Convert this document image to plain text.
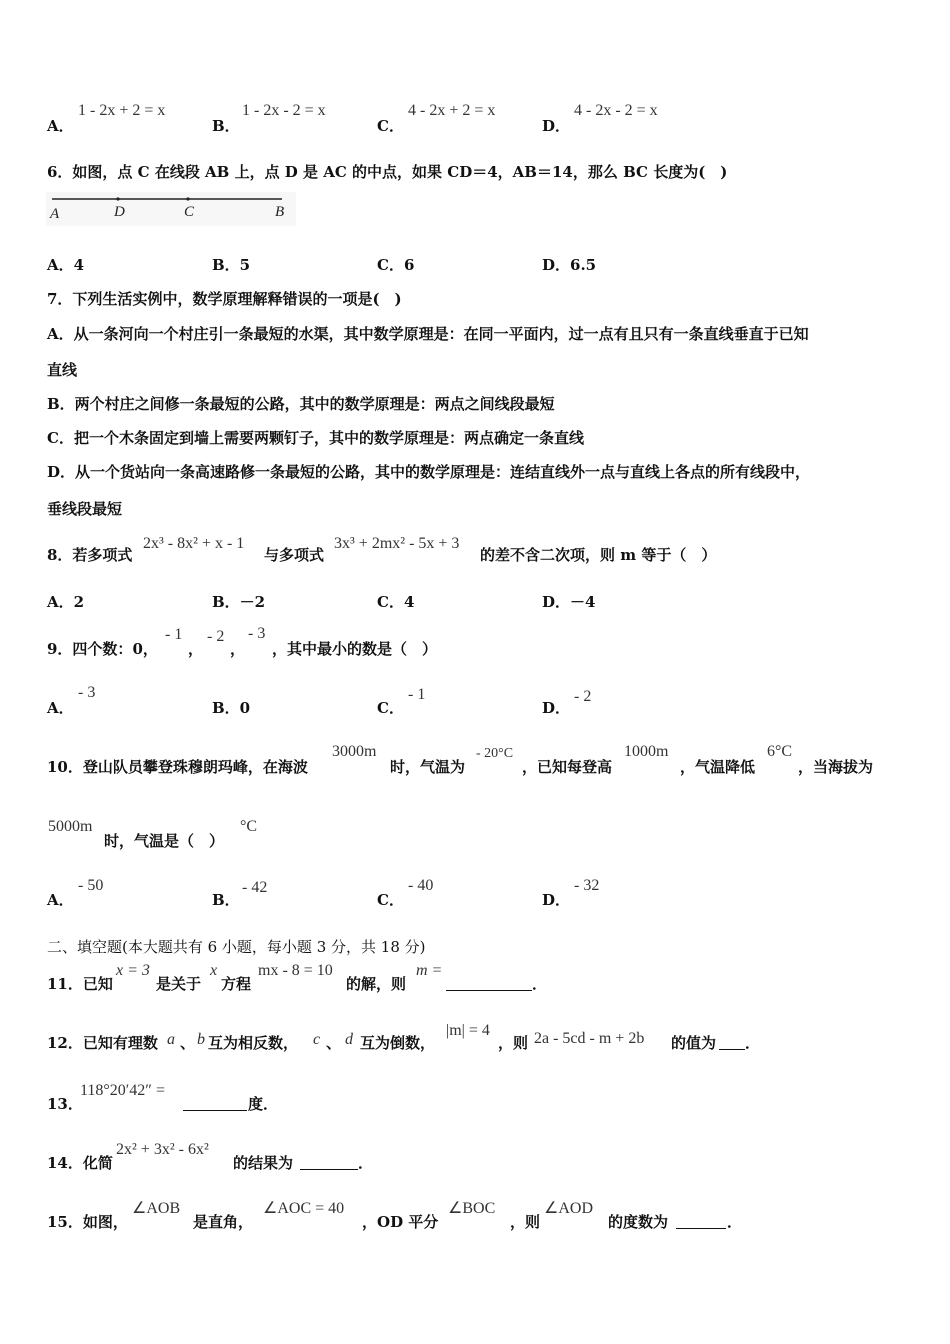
A．
1 - 2x + 2 = x
B．
1 - 2x - 2 = x
C．
4 - 2x + 2 = x
D．
4 - 2x - 2 = x
6．如图，点 C 在线段 AB 上，点 D 是 AC 的中点，如果 CD＝4，AB＝14，那么 BC 长度为(　)
A	D	C	B
A．4	B．5	C．6	D．6.5
7．下列生活实例中，数学原理解释错误的一项是(　)
A．从一条河向一个村庄引一条最短的水渠，其中数学原理是：在同一平面内，过一点有且只有一条直线垂直于已知
直线
B．两个村庄之间修一条最短的公路，其中的数学原理是：两点之间线段最短
C．把一个木条固定到墙上需要两颗钉子，其中的数学原理是：两点确定一条直线
D．从一个货站向一条高速路修一条最短的公路，其中的数学原理是：连结直线外一点与直线上各点的所有线段中，
垂线段最短
8．若多项式
2x³ - 8x² + x - 1
与多项式
3x³ + 2mx² - 5x + 3
的差不含二次项，则 m 等于（　）
A．2	B．－2	C．4	D．－4
9．四个数：0，
- 1
，
- 2
，
- 3
，其中最小的数是（　）
A．
- 3
B．0	C．
- 1
D．
- 2
10．登山队员攀登珠穆朗玛峰，在海波
3000m
时，气温为
- 20°C
，已知每登高
1000m
，气温降低
6°C
，当海拔为
5000m
时，气温是（　）
°C
A．
- 50
B．
- 42
C．
- 40
D．
- 32
二、填空题(本大题共有 6 小题，每小题 3 分，共 18 分)
11．已知
x = 3
是关于
x
方程
mx - 8 = 10
的解，则
m =
．
12．已知有理数 a 、 b 互为相反数， c 、 d 互为倒数，
|m| = 4
，则 2a - 5cd - m + 2b 的值为 ．
13．
118°20′42″ =
度．
14．化简
2x² + 3x² - 6x²
的结果为	．
15．如图，
∠AOB
是直角，
∠AOC = 40
，OD 平分
∠BOC
，则
∠AOD
的度数为	．
